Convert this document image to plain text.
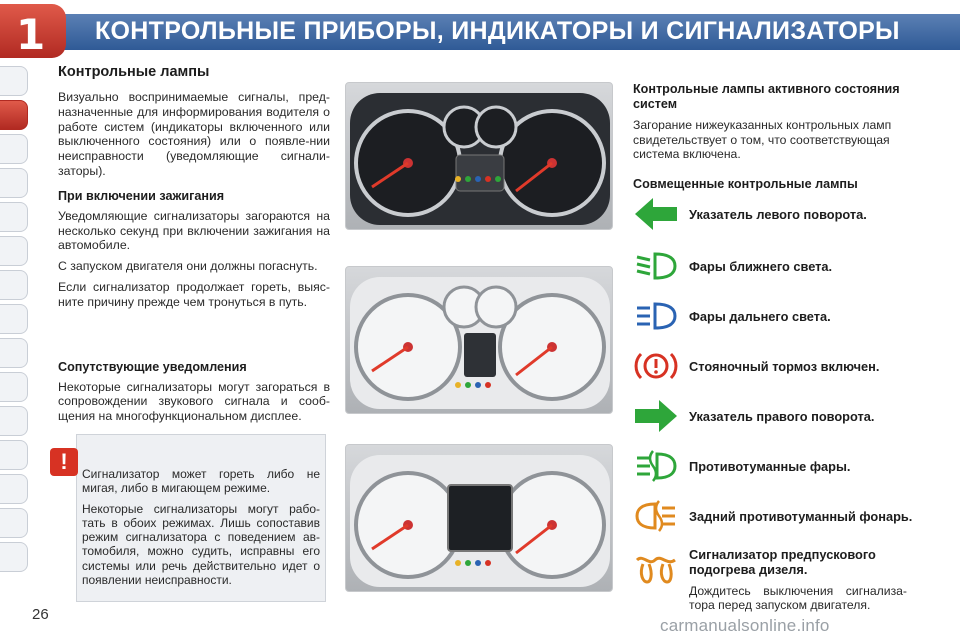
КОНТРОЛЬНЫЕ ПРИБОРЫ, ИНДИКАТОРЫ И СИГНАЛИЗАТОРЫ
1
26
Контрольные лампы
Визуально воспринимаемые сигналы, пред-назначенные для информирования водителя о работе систем (индикаторы включенного или выключенного состояния) или о появле-нии неисправности (уведомляющие сигнали-заторы).
При включении зажигания
Уведомляющие сигнализаторы загораются на несколько секунд при включении зажигания на автомобиле.
С запуском двигателя они должны погаснуть.
Если сигнализатор продолжает гореть, выяс-ните причину прежде чем тронуться в путь.
Сопутствующие уведомления
Некоторые сигнализаторы могут загораться в сопровождении звукового сигнала и сооб-щения на многофункциональном дисплее.
!	Сигнализатор может гореть либо не мигая, либо в мигающем режиме.

Некоторые сигнализаторы могут рабо-тать в обоих режимах. Лишь сопоставив режим сигнализатора с поведением ав-томобиля, можно судить, исправны его системы или речь действительно идет о появлении неисправности.

Контрольные лампы активного состояния систем
Загорание нижеуказанных контрольных ламп свидетельствует о том, что соответствующая система включена.
Совмещенные контрольные лампы
Указатель левого поворота.
Фары ближнего света.
Фары дальнего света.
Стояночный тормоз включен.
Указатель правого поворота.
Противотуманные фары.
Задний противотуманный фонарь.
Сигнализатор предпускового подогрева дизеля.
Дождитесь выключения сигнализа-тора перед запуском двигателя.
carmanualsonline.info
